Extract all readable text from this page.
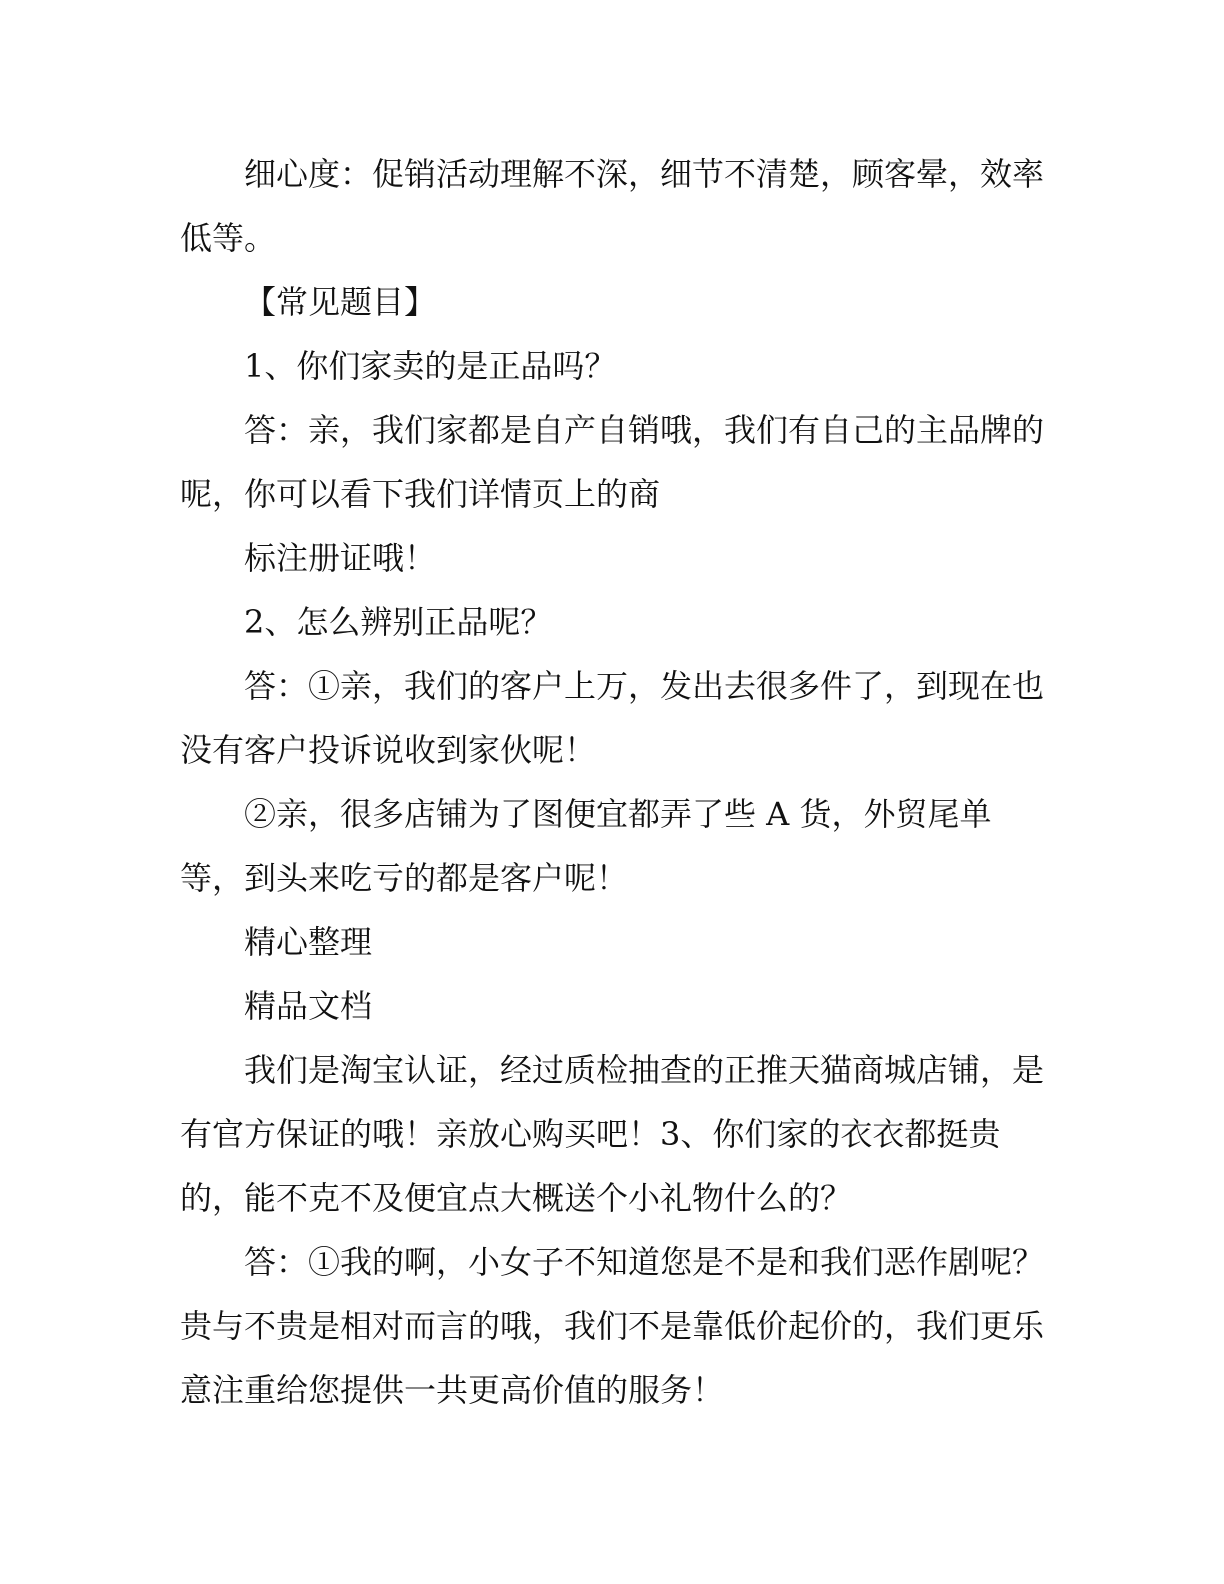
细心度：促销活动理解不深，细节不清楚，顾客晕，效率低等。

【常见题目】

1、你们家卖的是正品吗？

答：亲，我们家都是自产自销哦，我们有自己的主品牌的呢，你可以看下我们详情页上的商

标注册证哦！

2、怎么辨别正品呢？

答：①亲，我们的客户上万，发出去很多件了，到现在也没有客户投诉说收到家伙呢！

②亲，很多店铺为了图便宜都弄了些 A 货，外贸尾单等，到头来吃亏的都是客户呢！

精心整理

精品文档

我们是淘宝认证，经过质检抽查的正推天猫商城店铺，是有官方保证的哦！亲放心购买吧！3、你们家的衣衣都挺贵的，能不克不及便宜点大概送个小礼物什么的？

答：①我的啊，小女子不知道您是不是和我们恶作剧呢？贵与不贵是相对而言的哦，我们不是靠低价起价的，我们更乐意注重给您提供一共更高价值的服务！
